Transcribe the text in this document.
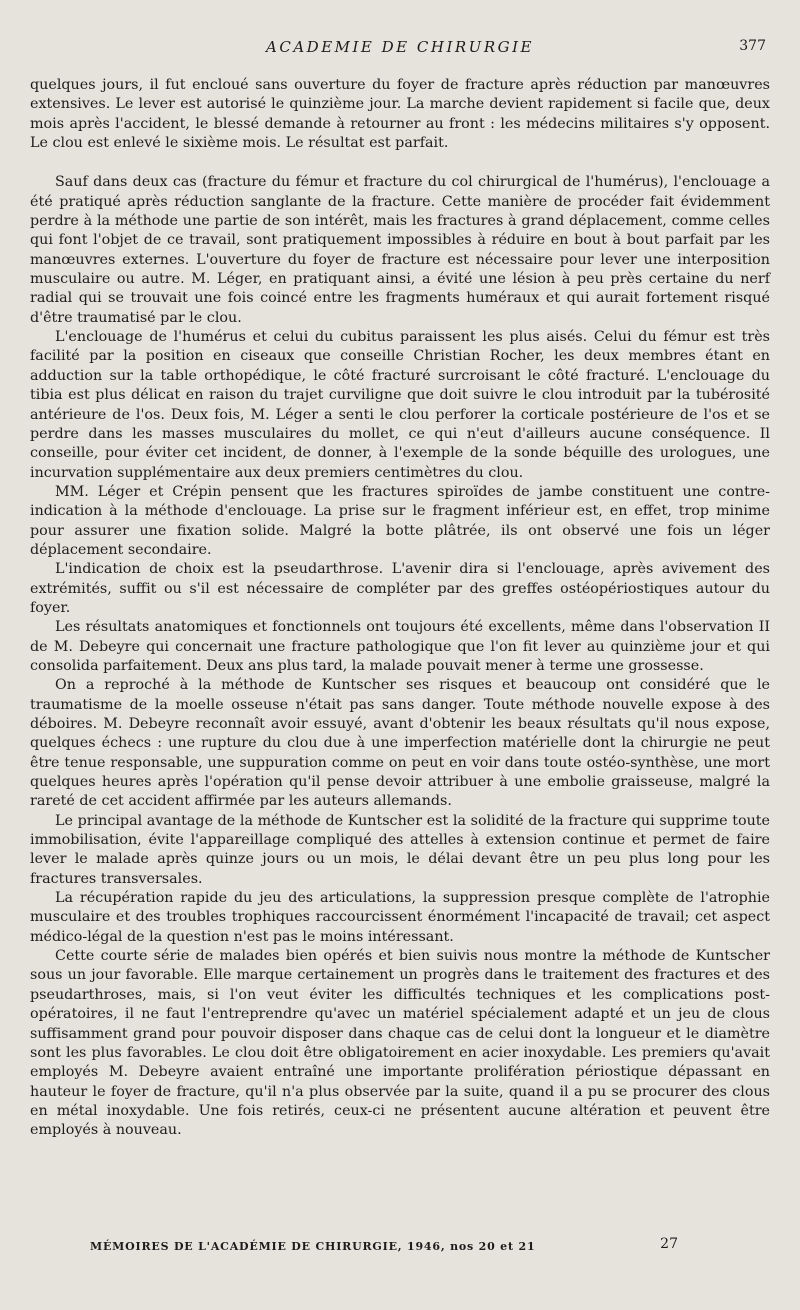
ACADEMIE DE CHIRURGIE	377

quelques jours, il fut encloué sans ouverture du foyer de fracture après réduction par manœuvres extensives. Le lever est autorisé le quinzième jour. La marche devient rapidement si facile que, deux mois après l'accident, le blessé demande à retourner au front : les médecins militaires s'y opposent. Le clou est enlevé le sixième mois. Le résultat est parfait.

Sauf dans deux cas (fracture du fémur et fracture du col chirurgical de l'humérus), l'enclouage a été pratiqué après réduction sanglante de la fracture. Cette manière de procéder fait évidemment perdre à la méthode une partie de son intérêt, mais les fractures à grand déplacement, comme celles qui font l'objet de ce travail, sont pratiquement impossibles à réduire en bout à bout parfait par les manœuvres externes. L'ouverture du foyer de fracture est nécessaire pour lever une interposition musculaire ou autre. M. Léger, en pratiquant ainsi, a évité une lésion à peu près certaine du nerf radial qui se trouvait une fois coincé entre les fragments huméraux et qui aurait fortement risqué d'être traumatisé par le clou.

L'enclouage de l'humérus et celui du cubitus paraissent les plus aisés. Celui du fémur est très facilité par la position en ciseaux que conseille Christian Rocher, les deux membres étant en adduction sur la table orthopédique, le côté fracturé surcroisant le côté fracturé. L'enclouage du tibia est plus délicat en raison du trajet curviligne que doit suivre le clou introduit par la tubérosité antérieure de l'os. Deux fois, M. Léger a senti le clou perforer la corticale postérieure de l'os et se perdre dans les masses musculaires du mollet, ce qui n'eut d'ailleurs aucune conséquence. Il conseille, pour éviter cet incident, de donner, à l'exemple de la sonde béquille des urologues, une incurvation supplémentaire aux deux premiers centimètres du clou.

MM. Léger et Crépin pensent que les fractures spiroïdes de jambe constituent une contre-indication à la méthode d'enclouage. La prise sur le fragment inférieur est, en effet, trop minime pour assurer une fixation solide. Malgré la botte plâtrée, ils ont observé une fois un léger déplacement secondaire.

L'indication de choix est la pseudarthrose. L'avenir dira si l'enclouage, après avivement des extrémités, suffit ou s'il est nécessaire de compléter par des greffes ostéopériostiques autour du foyer.

Les résultats anatomiques et fonctionnels ont toujours été excellents, même dans l'observation II de M. Debeyre qui concernait une fracture pathologique que l'on fit lever au quinzième jour et qui consolida parfaitement. Deux ans plus tard, la malade pouvait mener à terme une grossesse.

On a reproché à la méthode de Kuntscher ses risques et beaucoup ont considéré que le traumatisme de la moelle osseuse n'était pas sans danger. Toute méthode nouvelle expose à des déboires. M. Debeyre reconnaît avoir essuyé, avant d'obtenir les beaux résultats qu'il nous expose, quelques échecs : une rupture du clou due à une imperfection matérielle dont la chirurgie ne peut être tenue responsable, une suppuration comme on peut en voir dans toute ostéo-synthèse, une mort quelques heures après l'opération qu'il pense devoir attribuer à une embolie graisseuse, malgré la rareté de cet accident affirmée par les auteurs allemands.

Le principal avantage de la méthode de Kuntscher est la solidité de la fracture qui supprime toute immobilisation, évite l'appareillage compliqué des attelles à extension continue et permet de faire lever le malade après quinze jours ou un mois, le délai devant être un peu plus long pour les fractures transversales.

La récupération rapide du jeu des articulations, la suppression presque complète de l'atrophie musculaire et des troubles trophiques raccourcissent énormément l'incapacité de travail; cet aspect médico-légal de la question n'est pas le moins intéressant.

Cette courte série de malades bien opérés et bien suivis nous montre la méthode de Kuntscher sous un jour favorable. Elle marque certainement un progrès dans le traitement des fractures et des pseudarthroses, mais, si l'on veut éviter les difficultés techniques et les complications post-opératoires, il ne faut l'entreprendre qu'avec un matériel spécialement adapté et un jeu de clous suffisamment grand pour pouvoir disposer dans chaque cas de celui dont la longueur et le diamètre sont les plus favorables. Le clou doit être obligatoirement en acier inoxydable. Les premiers qu'avait employés M. Debeyre avaient entraîné une importante prolifération périostique dépassant en hauteur le foyer de fracture, qu'il n'a plus observée par la suite, quand il a pu se procurer des clous en métal inoxydable. Une fois retirés, ceux-ci ne présentent aucune altération et peuvent être employés à nouveau.

MÉMOIRES DE L'ACADÉMIE DE CHIRURGIE, 1946, nos 20 et 21	27
